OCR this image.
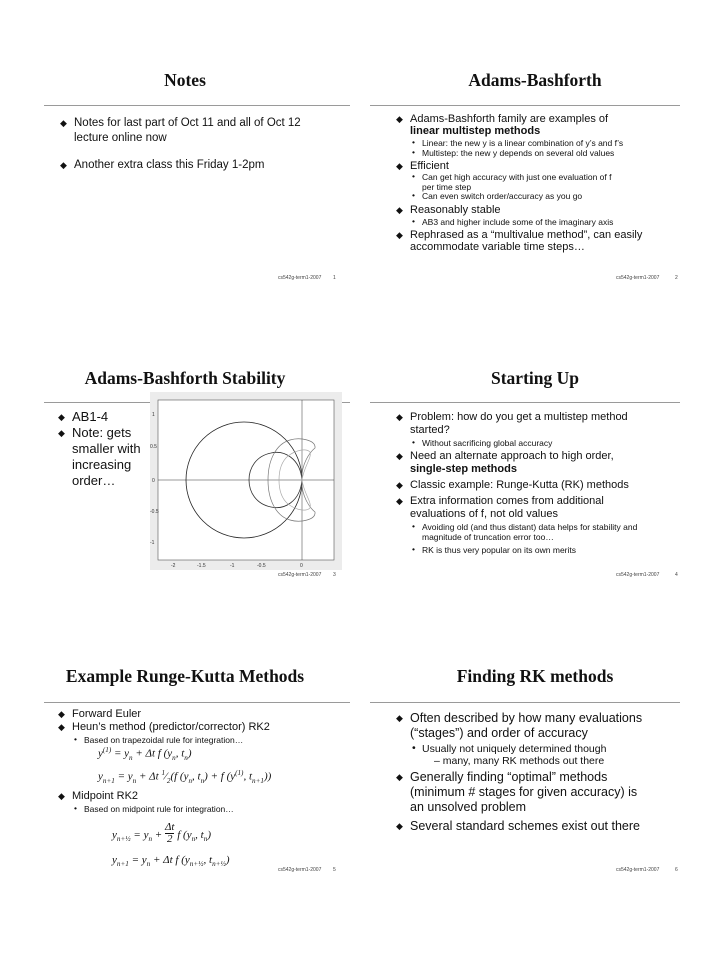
Notes
◆ Notes for last part of Oct 11 and all of Oct 12 lecture online now
◆ Another extra class this Friday 1-2pm
cs542g-term1-2007 1
Adams-Bashforth
◆ Adams-Bashforth family are examples of
linear multistep methods
• Linear: the new y is a linear combination of y’s and f’s
• Multistep: the new y depends on several old values
◆ Efficient
• Can get high accuracy with just one evaluation of f per time step
• Can even switch order/accuracy as you go
◆ Reasonably stable
• AB3 and higher include some of the imaginary axis
◆ Rephrased as a “multivalue method”, can easily accommodate variable time steps…
cs542g-term1-2007	2
Adams-Bashforth Stability
◆ AB1-4
◆ Note: gets smaller with increasing order…
1
0.5
0
-0.5
-1
-2	-1.5	-1	-0.5	0
cs542g-term1-2007 3
Starting Up
◆ Problem: how do you get a multistep method started?
• Without sacrificing global accuracy
◆ Need an alternate approach to high order,
single-step methods
◆ Classic example: Runge-Kutta (RK) methods
◆ Extra information comes from additional evaluations of f, not old values
• Avoiding old (and thus distant) data helps for stability and magnitude of truncation error too…
• RK is thus very popular on its own merits
cs542g-term1-2007	4
Example Runge-Kutta Methods
◆ Forward Euler
◆ Heun’s method (predictor/corrector) RK2
• Based on trapezoidal rule for integration…
$y^{(1)} = y_n + \Delta t$ f ($y_n$, $t_n$)
$y_{n+1} = y_n + \Delta t$ $^1⁄_2(f$ ($y_n$, $t_n) + f$ ($y^{(1)}$, $t_{n+1}$))
◆ Midpoint RK2
• Based on midpoint rule for integration…
$y_{n+\frac{1}{2}} = y_n + \Delta t$

2 f ($y_n$, $t_n$)
$y_{n+1} = y_n + \Delta t$ f ($y_{n+\frac{1}{2}}$, $t_{n+\frac{1}{2}}$)
cs542g-term1-2007 5
Finding RK methods
◆ Often described by how many evaluations (“stages”) and order of accuracy
• Usually not uniquely determined though
– many, many RK methods out there
◆ Generally finding “optimal” methods (minimum # stages for given accuracy) is an unsolved problem
◆ Several standard schemes exist out there
cs542g-term1-2007	6
